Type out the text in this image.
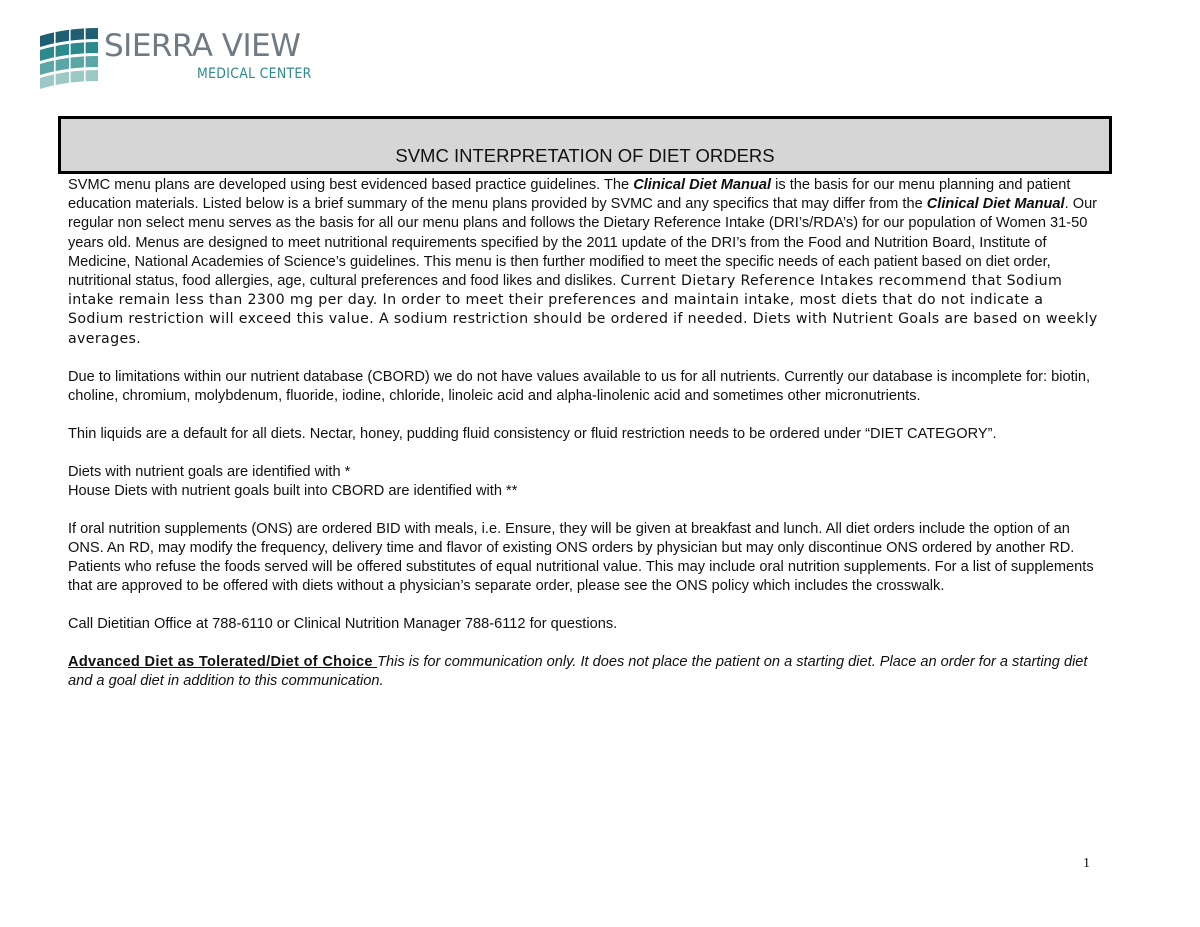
SIERRA VIEW
MEDICAL CENTER
SVMC INTERPRETATION OF DIET ORDERS

SVMC menu plans are developed using best evidenced based practice guidelines. The Clinical Diet Manual is the basis for our menu planning and patient education materials. Listed below is a brief summary of the menu plans provided by SVMC and any specifics that may differ from the Clinical Diet Manual. Our regular non select menu serves as the basis for all our menu plans and follows the Dietary Reference Intake (DRI’s/RDA’s) for our population of Women 31-50 years old. Menus are designed to meet nutritional requirements specified by the 2011 update of the DRI’s from the Food and Nutrition Board, Institute of Medicine, National Academies of Science’s guidelines. This menu is then further modified to meet the specific needs of each patient based on diet order, nutritional status, food allergies, age, cultural preferences and food likes and dislikes. Current Dietary Reference Intakes recommend that Sodium intake remain less than 2300 mg per day. In order to meet their preferences and maintain intake, most diets that do not indicate a Sodium restriction will exceed this value. A sodium restriction should be ordered if needed. Diets with Nutrient Goals are based on weekly averages.

Due to limitations within our nutrient database (CBORD) we do not have values available to us for all nutrients. Currently our database is incomplete for: biotin, choline, chromium, molybdenum, fluoride, iodine, chloride, linoleic acid and alpha-linolenic acid and sometimes other micronutrients.

Thin liquids are a default for all diets. Nectar, honey, pudding fluid consistency or fluid restriction needs to be ordered under “DIET CATEGORY”.

Diets with nutrient goals are identified with *
House Diets with nutrient goals built into CBORD are identified with **

If oral nutrition supplements (ONS) are ordered BID with meals, i.e. Ensure, they will be given at breakfast and lunch. All diet orders include the option of an ONS. An RD, may modify the frequency, delivery time and flavor of existing ONS orders by physician but may only discontinue ONS ordered by another RD. Patients who refuse the foods served will be offered substitutes of equal nutritional value. This may include oral nutrition supplements. For a list of supplements that are approved to be offered with diets without a physician’s separate order, please see the ONS policy which includes the crosswalk.

Call Dietitian Office at 788-6110 or Clinical Nutrition Manager 788-6112 for questions.

Advanced Diet as Tolerated/Diet of Choice This is for communication only. It does not place the patient on a starting diet. Place an order for a starting diet and a goal diet in addition to this communication.

1
